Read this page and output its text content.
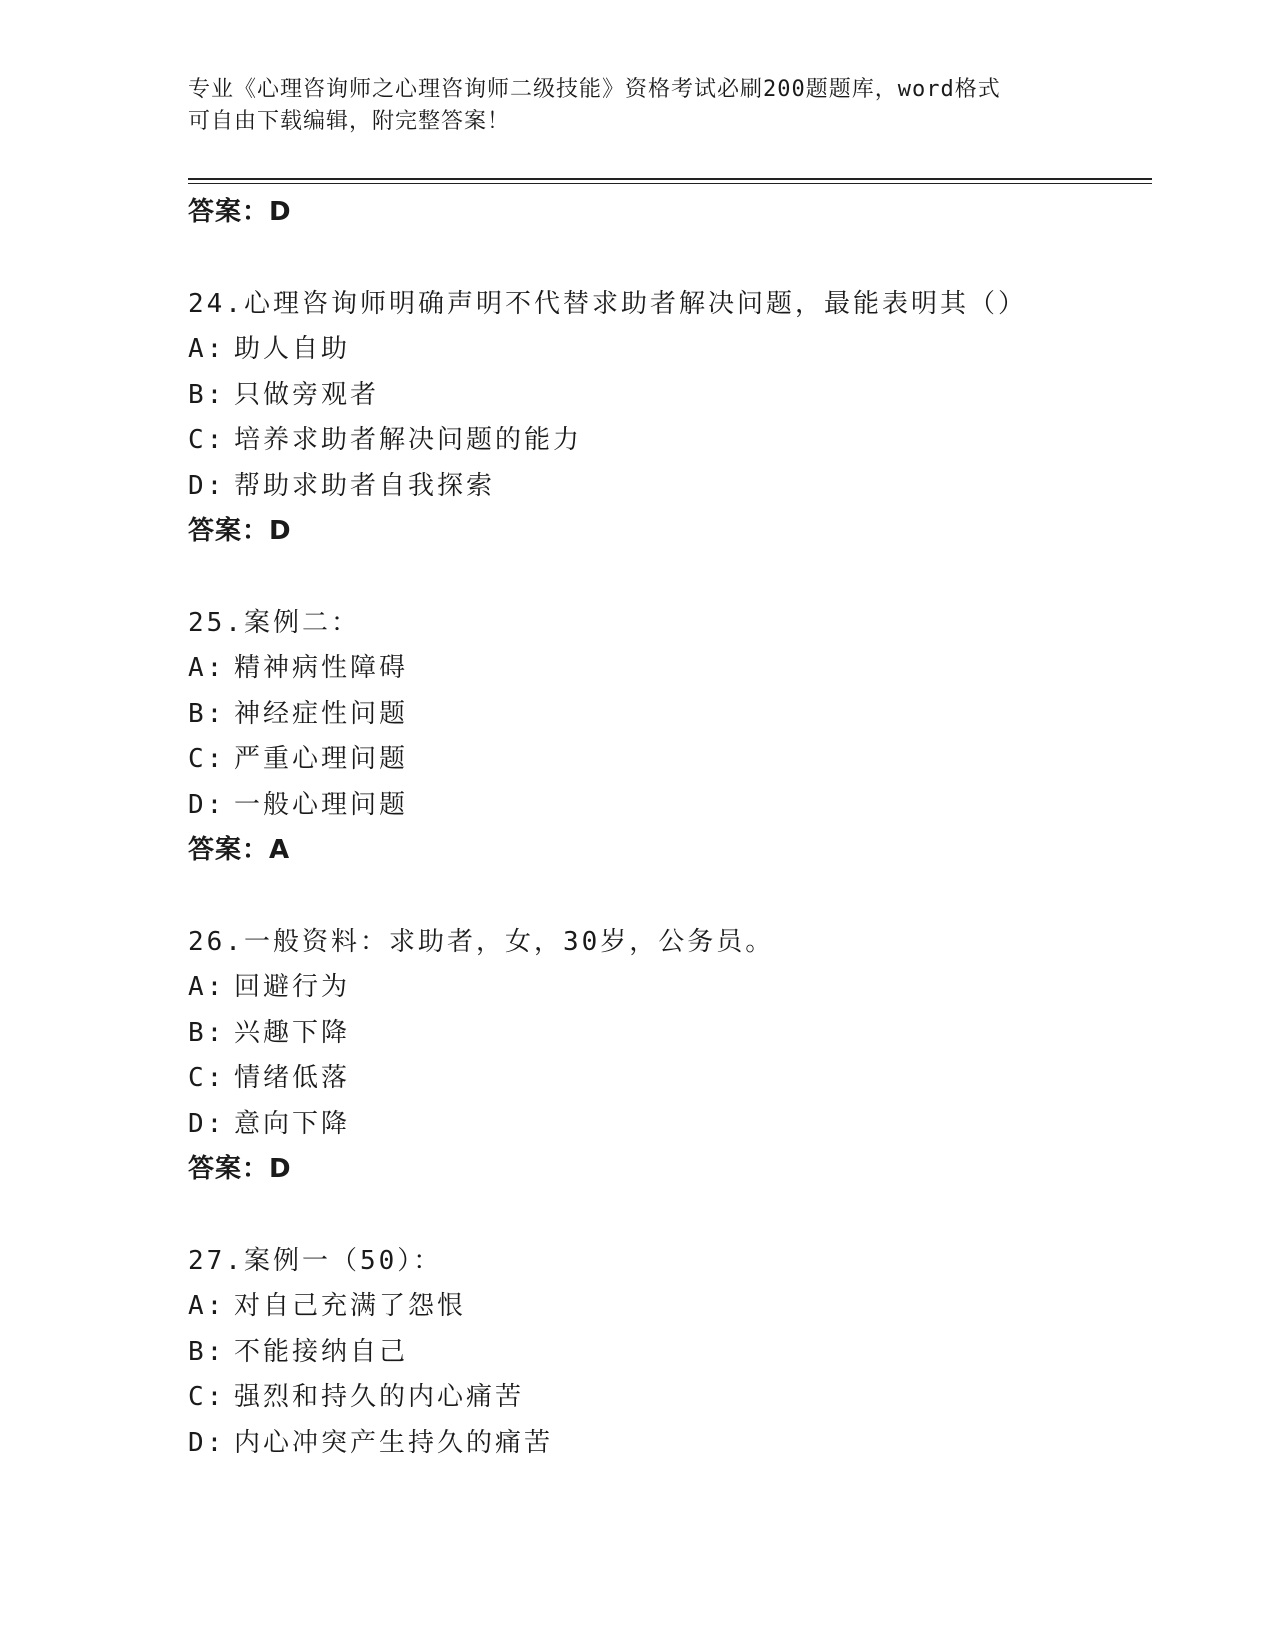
专业《心理咨询师之心理咨询师二级技能》资格考试必刷200题题库，word格式
可自由下载编辑，附完整答案！
答案：D
24.心理咨询师明确声明不代替求助者解决问题，最能表明其（）
A: 助人自助
B: 只做旁观者
C: 培养求助者解决问题的能力
D: 帮助求助者自我探索
答案：D
25.案例二：
A: 精神病性障碍
B: 神经症性问题
C: 严重心理问题
D: 一般心理问题
答案：A
26.一般资料：求助者，女，30岁，公务员。
A: 回避行为
B: 兴趣下降
C: 情绪低落
D: 意向下降
答案：D
27.案例一（50）：
A: 对自己充满了怨恨
B: 不能接纳自己
C: 强烈和持久的内心痛苦
D: 内心冲突产生持久的痛苦
